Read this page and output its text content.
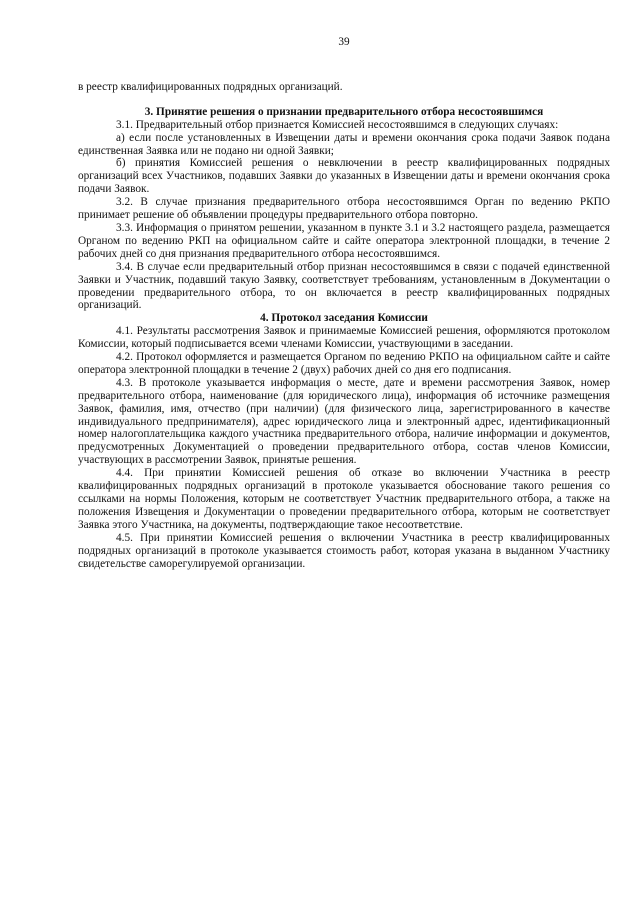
39

в реестр квалифицированных подрядных организаций.

3. Принятие решения о признании предварительного отбора несостоявшимся

3.1. Предварительный отбор признается Комиссией несостоявшимся в следующих случаях:

а) если после установленных в Извещении даты и времени окончания срока подачи Заявок подана единственная Заявка или не подано ни одной Заявки;

б) принятия Комиссией решения о невключении в реестр квалифицированных подрядных организаций всех Участников, подавших Заявки до указанных в Извещении даты и времени окончания срока подачи Заявок.

3.2. В случае признания предварительного отбора несостоявшимся Орган по ведению РКПО принимает решение об объявлении процедуры предварительного отбора повторно.

3.3. Информация о принятом решении, указанном в пункте 3.1 и 3.2 настоящего раздела, размещается Органом по ведению РКП на официальном сайте и сайте оператора электронной площадки, в течение 2 рабочих дней со дня признания предварительного отбора несостоявшимся.

3.4. В случае если предварительный отбор признан несостоявшимся в связи с подачей единственной Заявки и Участник, подавший такую Заявку, соответствует требованиям, установленным в Документации о проведении предварительного отбора, то он включается в реестр квалифицированных подрядных организаций.

4. Протокол заседания Комиссии

4.1. Результаты рассмотрения Заявок и принимаемые Комиссией решения, оформляются протоколом Комиссии, который подписывается всеми членами Комиссии, участвующими в заседании.

4.2. Протокол оформляется и размещается Органом по ведению РКПО на официальном сайте и сайте оператора электронной площадки в течение 2 (двух) рабочих дней со дня его подписания.

4.3. В протоколе указывается информация о месте, дате и времени рассмотрения Заявок, номер предварительного отбора, наименование (для юридического лица), информация об источнике размещения Заявок, фамилия, имя, отчество (при наличии) (для физического лица, зарегистрированного в качестве индивидуального предпринимателя), адрес юридического лица и электронный адрес, идентификационный номер налогоплательщика каждого участника предварительного отбора, наличие информации и документов, предусмотренных Документацией о проведении предварительного отбора, состав членов Комиссии, участвующих в рассмотрении Заявок, принятые решения.

4.4. При принятии Комиссией решения об отказе во включении Участника в реестр квалифицированных подрядных организаций в протоколе указывается обоснование такого решения со ссылками на нормы Положения, которым не соответствует Участник предварительного отбора, а также на положения Извещения и Документации о проведении предварительного отбора, которым не соответствует Заявка этого Участника, на документы, подтверждающие такое несоответствие.

4.5. При принятии Комиссией решения о включении Участника в реестр квалифицированных подрядных организаций в протоколе указывается стоимость работ, которая указана в выданном Участнику свидетельстве саморегулируемой организации.
